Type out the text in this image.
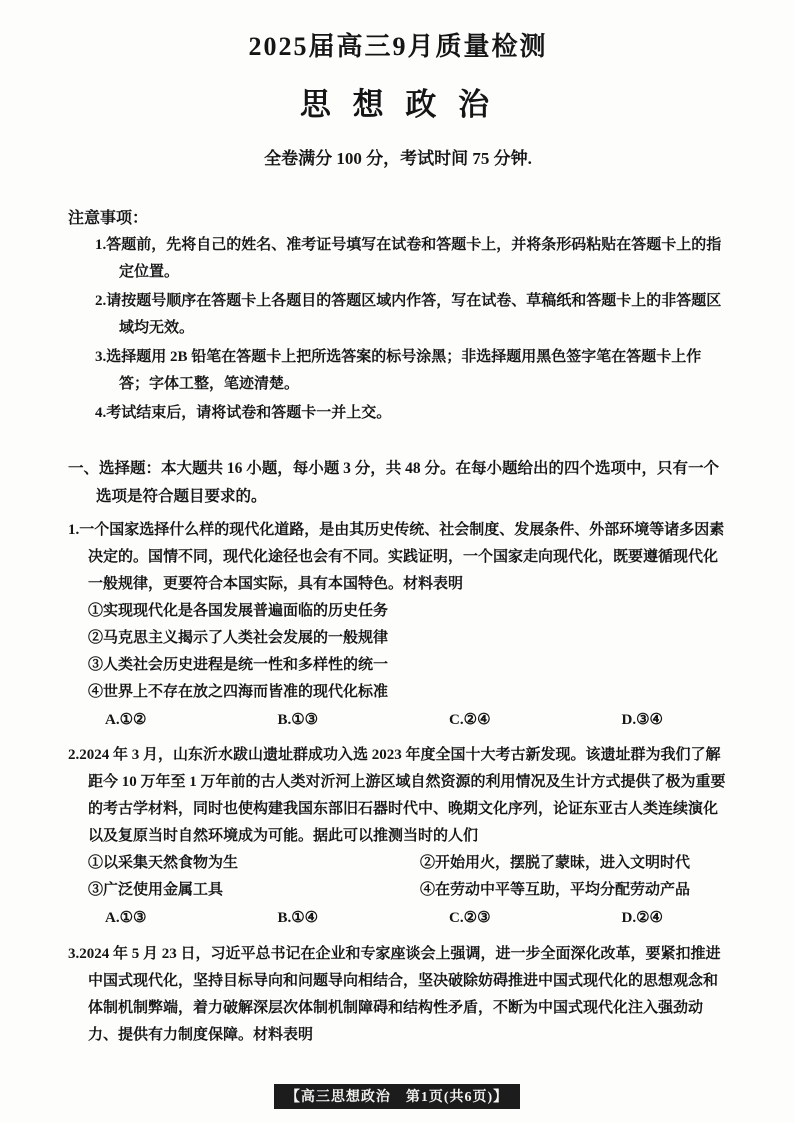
2025届高三9月质量检测
思 想 政 治
全卷满分 100 分，考试时间 75 分钟.
注意事项：
1.答题前，先将自己的姓名、准考证号填写在试卷和答题卡上，并将条形码粘贴在答题卡上的指定位置。
2.请按题号顺序在答题卡上各题目的答题区域内作答，写在试卷、草稿纸和答题卡上的非答题区域均无效。
3.选择题用 2B 铅笔在答题卡上把所选答案的标号涂黑；非选择题用黑色签字笔在答题卡上作答；字体工整，笔迹清楚。
4.考试结束后，请将试卷和答题卡一并上交。
一、选择题：本大题共 16 小题，每小题 3 分，共 48 分。在每小题给出的四个选项中，只有一个选项是符合题目要求的。

1.一个国家选择什么样的现代化道路，是由其历史传统、社会制度、发展条件、外部环境等诸多因素决定的。国情不同，现代化途径也会有不同。实践证明，一个国家走向现代化，既要遵循现代化一般规律，更要符合本国实际，具有本国特色。材料表明

①实现现代化是各国发展普遍面临的历史任务
②马克思主义揭示了人类社会发展的一般规律
③人类社会历史进程是统一性和多样性的统一
④世界上不存在放之四海而皆准的现代化标准
A.①②	B.①③	C.②④	D.③④

2.2024 年 3 月，山东沂水跋山遗址群成功入选 2023 年度全国十大考古新发现。该遗址群为我们了解距今 10 万年至 1 万年前的古人类对沂河上游区域自然资源的利用情况及生计方式提供了极为重要的考古学材料，同时也使构建我国东部旧石器时代中、晚期文化序列，论证东亚古人类连续演化以及复原当时自然环境成为可能。据此可以推测当时的人们

①以采集天然食物为生	②开始用火，摆脱了蒙昧，进入文明时代
③广泛使用金属工具	④在劳动中平等互助，平均分配劳动产品
A.①③	B.①④	C.②③	D.②④

3.2024 年 5 月 23 日，习近平总书记在企业和专家座谈会上强调，进一步全面深化改革，要紧扣推进中国式现代化，坚持目标导向和问题导向相结合，坚决破除妨碍推进中国式现代化的思想观念和体制机制弊端，着力破解深层次体制机制障碍和结构性矛盾，不断为中国式现代化注入强劲动力、提供有力制度保障。材料表明

【高三思想政治　第1页(共6页)】
